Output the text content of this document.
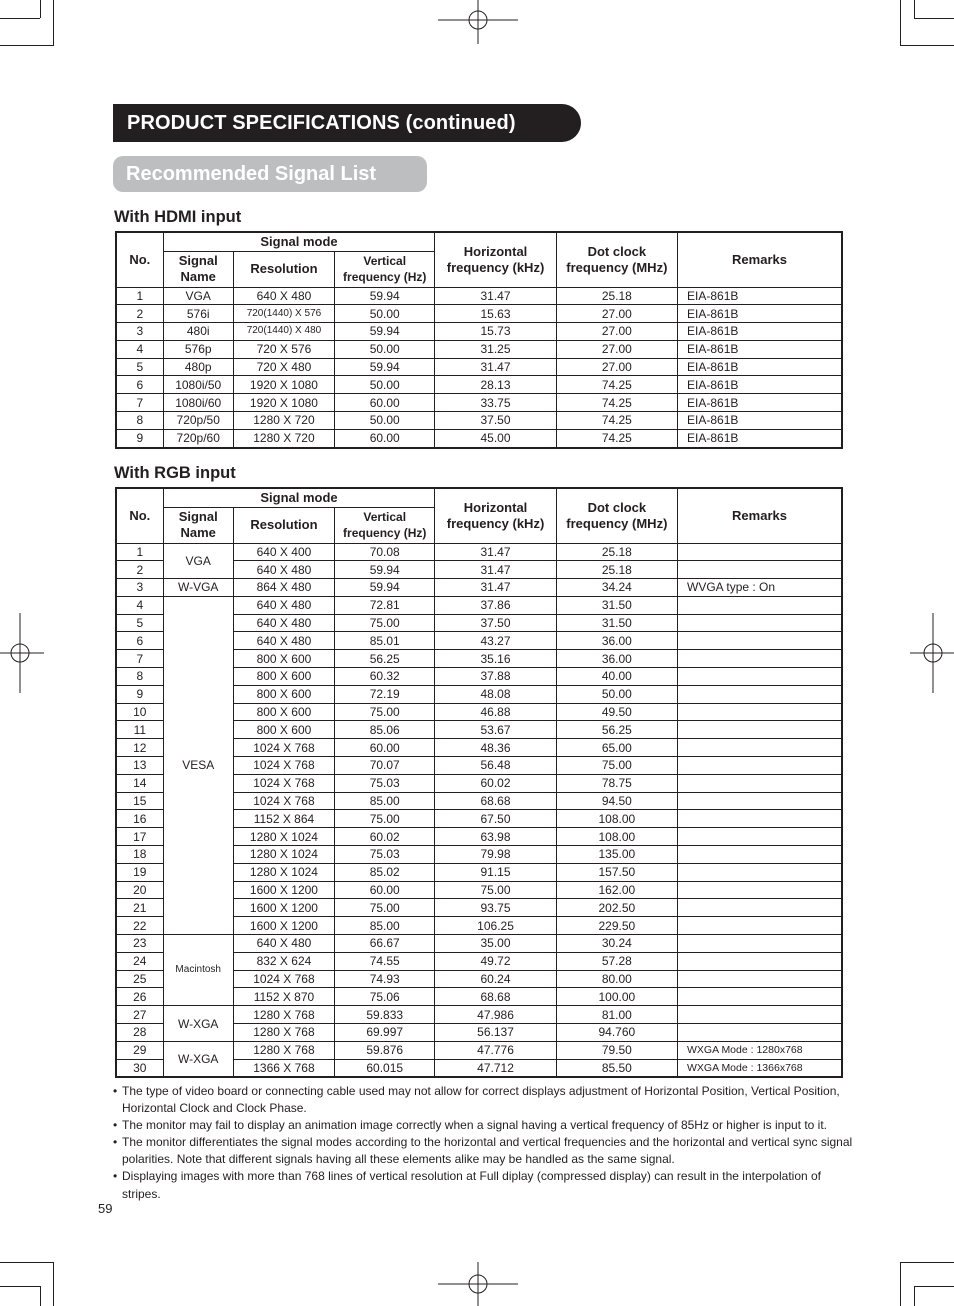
PRODUCT SPECIFICATIONS (continued)
Recommended Signal List
With HDMI input
No.	Signal mode			Horizontal frequency (kHz)	Dot clock frequency (MHz)	Remarks
	Signal Name	Resolution	Vertical frequency (Hz)			
1	VGA	640 X 480	59.94	31.47	25.18	EIA-861B
2	576i	720(1440) X 576	50.00	15.63	27.00	EIA-861B
3	480i	720(1440) X 480	59.94	15.73	27.00	EIA-861B
4	576p	720 X 576	50.00	31.25	27.00	EIA-861B
5	480p	720 X 480	59.94	31.47	27.00	EIA-861B
6	1080i/50	1920 X 1080	50.00	28.13	74.25	EIA-861B
7	1080i/60	1920 X 1080	60.00	33.75	74.25	EIA-861B
8	720p/50	1280 X 720	50.00	37.50	74.25	EIA-861B
9	720p/60	1280 X 720	60.00	45.00	74.25	EIA-861B
With RGB input
No.	Signal mode			Horizontal frequency (kHz)	Dot clock frequency (MHz)	Remarks
	Signal Name	Resolution	Vertical frequency (Hz)			
1	VGA	640 X 400	70.08	31.47	25.18	
2		640 X 480	59.94	31.47	25.18	
3	W-VGA	864 X 480	59.94	31.47	34.24	WVGA type : On
4	VESA	640 X 480	72.81	37.86	31.50	
5		640 X 480	75.00	37.50	31.50	
6		640 X 480	85.01	43.27	36.00	
7		800 X 600	56.25	35.16	36.00	
8		800 X 600	60.32	37.88	40.00	
9		800 X 600	72.19	48.08	50.00	
10		800 X 600	75.00	46.88	49.50	
11		800 X 600	85.06	53.67	56.25	
12		1024 X 768	60.00	48.36	65.00	
13		1024 X 768	70.07	56.48	75.00	
14		1024 X 768	75.03	60.02	78.75	
15		1024 X 768	85.00	68.68	94.50	
16		1152 X 864	75.00	67.50	108.00	
17		1280 X 1024	60.02	63.98	108.00	
18		1280 X 1024	75.03	79.98	135.00	
19		1280 X 1024	85.02	91.15	157.50	
20		1600 X 1200	60.00	75.00	162.00	
21		1600 X 1200	75.00	93.75	202.50	
22		1600 X 1200	85.00	106.25	229.50	
23	Macintosh	640 X 480	66.67	35.00	30.24	
24		832 X 624	74.55	49.72	57.28	
25		1024 X 768	74.93	60.24	80.00	
26		1152 X 870	75.06	68.68	100.00	
27	W-XGA	1280 X 768	59.833	47.986	81.00	
28		1280 X 768	69.997	56.137	94.760	
29	W-XGA	1280 X 768	59.876	47.776	79.50	WXGA Mode : 1280x768
30		1366 X 768	60.015	47.712	85.50	WXGA Mode : 1366x768
• The type of video board or connecting cable used may not allow for correct displays adjustment of Horizontal Position, Vertical Position, Horizontal Clock and Clock Phase.
• The monitor may fail to display an animation image correctly when a signal having a vertical frequency of 85Hz or higher is input to it.
• The monitor differentiates the signal modes according to the horizontal and vertical frequencies and the horizontal and vertical sync signal polarities. Note that different signals having all these elements alike may be handled as the same signal.
• Displaying images with more than 768 lines of vertical resolution at Full diplay (compressed display) can result in the interpolation of stripes.
59
